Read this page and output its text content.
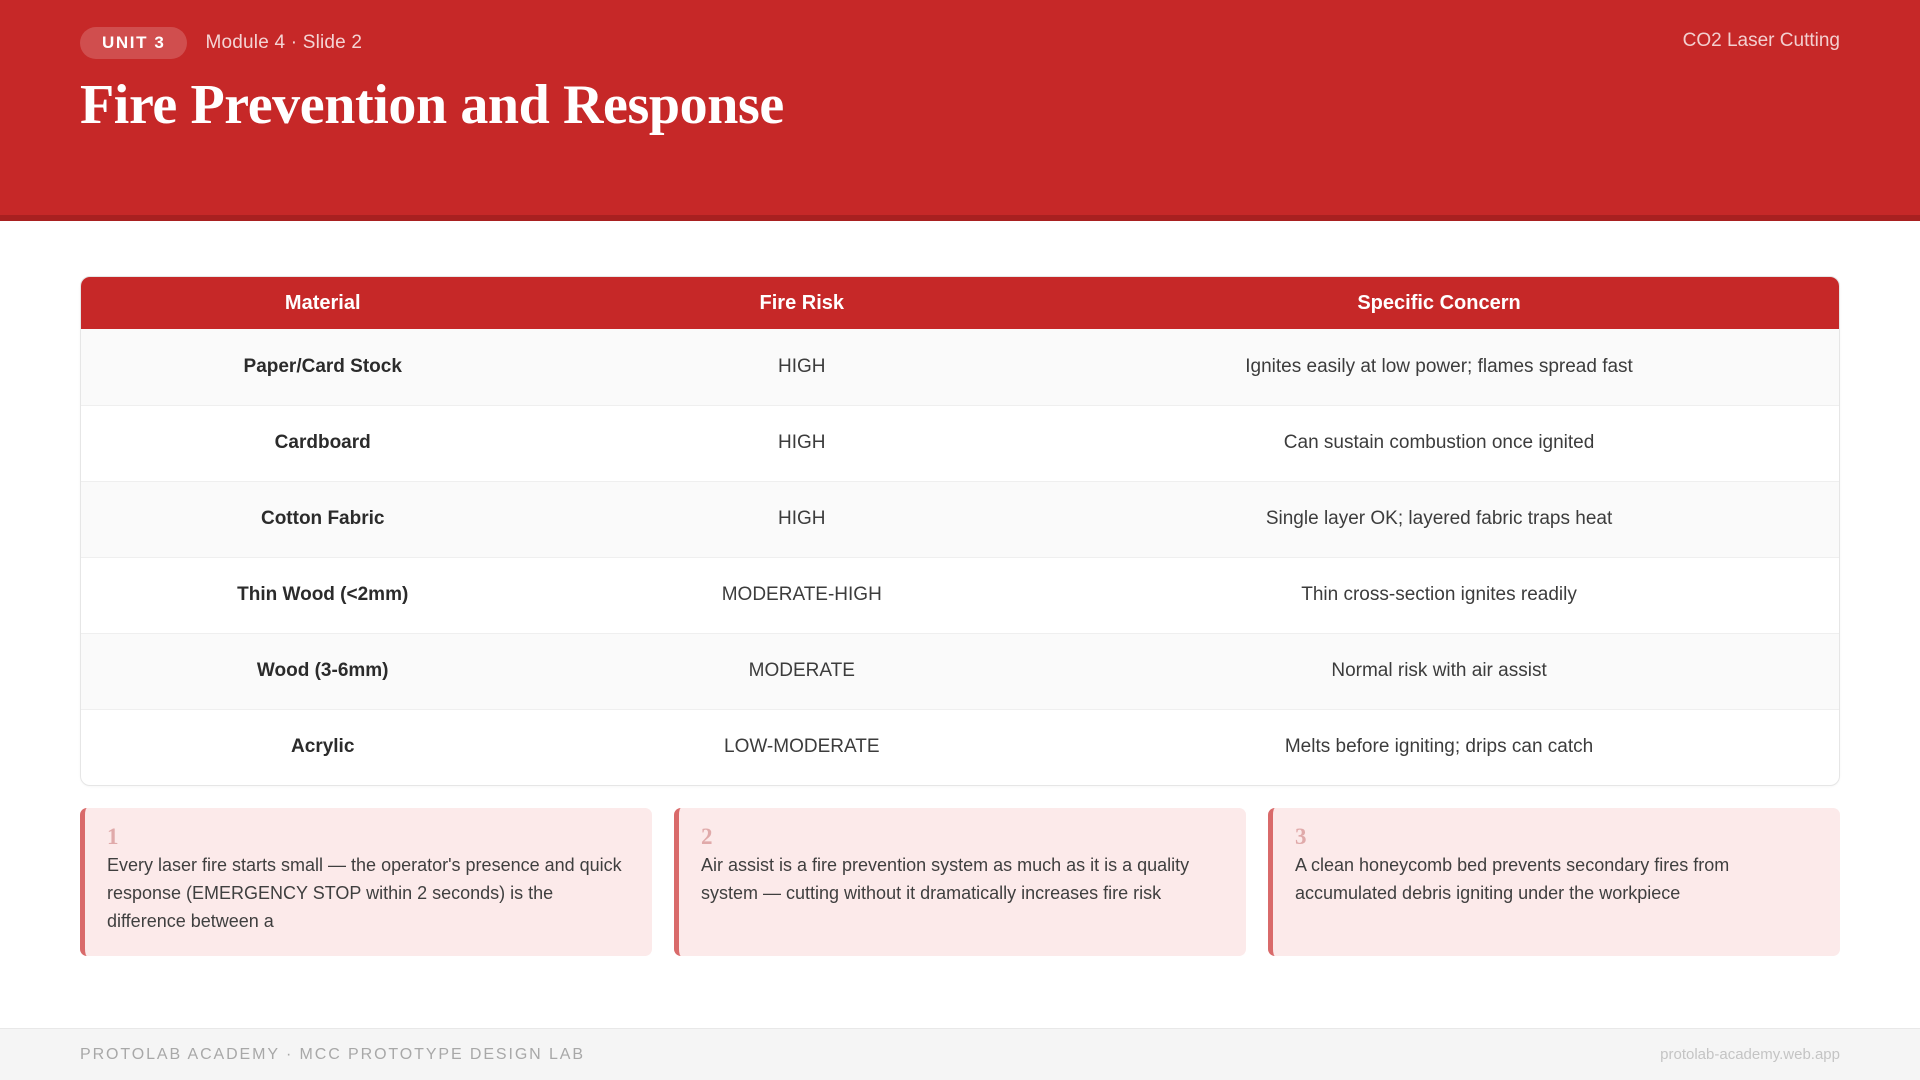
UNIT 3	Module 4 · Slide 2	CO2 Laser Cutting
Fire Prevention and Response
Material	Fire Risk	Specific Concern
Paper/Card Stock	HIGH	Ignites easily at low power; flames spread fast
Cardboard	HIGH	Can sustain combustion once ignited
Cotton Fabric	HIGH	Single layer OK; layered fabric traps heat
Thin Wood (<2mm)	MODERATE-HIGH	Thin cross-section ignites readily
Wood (3-6mm)	MODERATE	Normal risk with air assist
Acrylic	LOW-MODERATE	Melts before igniting; drips can catch
1
Every laser fire starts small — the operator's presence and quick response (EMERGENCY STOP within 2 seconds) is the difference between a
2
Air assist is a fire prevention system as much as it is a quality system — cutting without it dramatically increases fire risk
3
A clean honeycomb bed prevents secondary fires from accumulated debris igniting under the workpiece
PROTOLAB ACADEMY · MCC PROTOTYPE DESIGN LAB	protolab-academy.web.app
